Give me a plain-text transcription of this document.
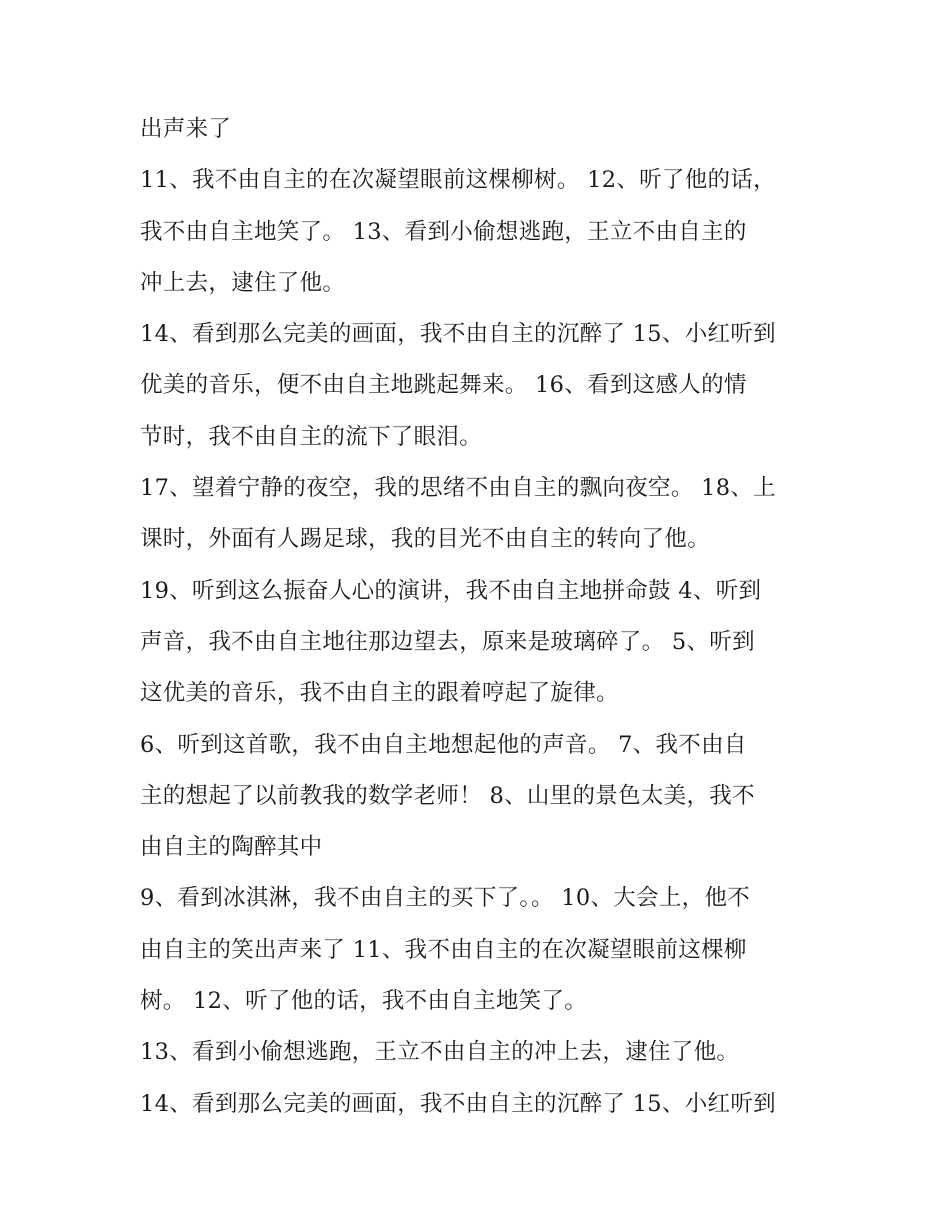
出声来了
11、我不由自主的在次凝望眼前这棵柳树。 12、听了他的话，
我不由自主地笑了。 13、看到小偷想逃跑，王立不由自主的
冲上去，逮住了他。
14、看到那么完美的画面，我不由自主的沉醉了 15、小红听到
优美的音乐，便不由自主地跳起舞来。 16、看到这感人的情
节时，我不由自主的流下了眼泪。
17、望着宁静的夜空，我的思绪不由自主的飘向夜空。 18、上
课时，外面有人踢足球，我的目光不由自主的转向了他。
19、听到这么振奋人心的演讲，我不由自主地拼命鼓 4、听到
声音，我不由自主地往那边望去，原来是玻璃碎了。 5、听到
这优美的音乐，我不由自主的跟着哼起了旋律。
6、听到这首歌，我不由自主地想起他的声音。 7、我不由自
主的想起了以前教我的数学老师！ 8、山里的景色太美，我不
由自主的陶醉其中
9、看到冰淇淋，我不由自主的买下了。。 10、大会上，他不
由自主的笑出声来了 11、我不由自主的在次凝望眼前这棵柳
树。 12、听了他的话，我不由自主地笑了。
13、看到小偷想逃跑，王立不由自主的冲上去，逮住了他。
14、看到那么完美的画面，我不由自主的沉醉了 15、小红听到
